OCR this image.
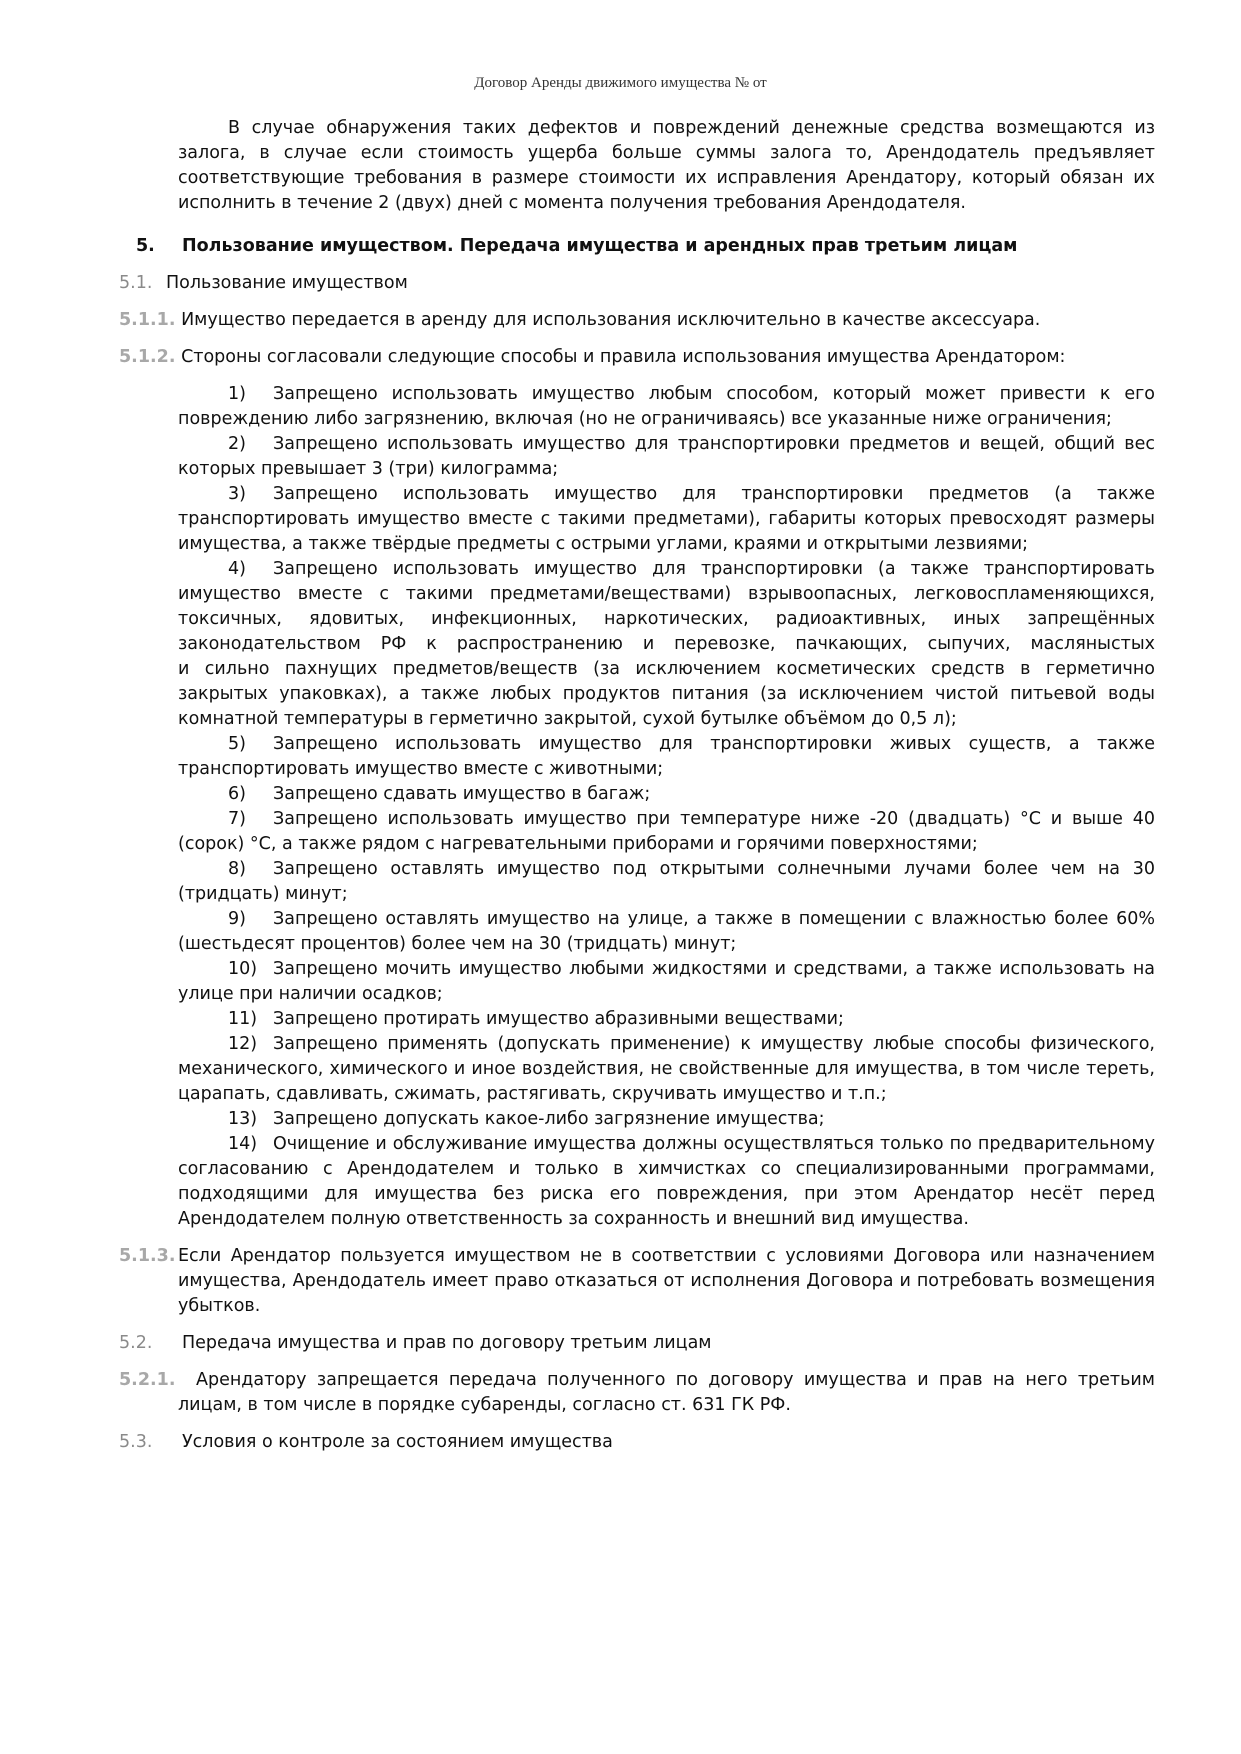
Договор Аренды движимого имущества № от
В случае обнаружения таких дефектов и повреждений денежные средства возмещаются из залога, в случае если стоимость ущерба больше суммы залога то, Арендодатель предъявляет соответствующие требования в размере стоимости их исправления Арендатору, который обязан их исполнить в течение 2 (двух) дней с момента получения требования Арендодателя.
5. Пользование имуществом. Передача имущества и арендных прав третьим лицам
5.1. Пользование имуществом
5.1.1. Имущество передается в аренду для использования исключительно в качестве аксессуара.
5.1.2. Стороны согласовали следующие способы и правила использования имущества Арендатором:
1) Запрещено использовать имущество любым способом, который может привести к его повреждению либо загрязнению, включая (но не ограничиваясь) все указанные ниже ограничения;
2) Запрещено использовать имущество для транспортировки предметов и вещей, общий вес которых превышает 3 (три) килограмма;
3) Запрещено использовать имущество для транспортировки предметов (а также транспортировать имущество вместе с такими предметами), габариты которых превосходят размеры имущества, а также твёрдые предметы с острыми углами, краями и открытыми лезвиями;
4) Запрещено использовать имущество для транспортировки (а также транспортировать имущество вместе с такими предметами/веществами) взрывоопасных, легковоспламеняющихся, токсичных, ядовитых, инфекционных, наркотических, радиоактивных, иных запрещённых законодательством РФ к распространению и перевозке, пачкающих, сыпучих, масляныстых
и сильно пахнущих предметов/веществ (за исключением косметических средств в герметично закрытых упаковках), а также любых продуктов питания (за исключением чистой питьевой воды комнатной температуры в герметично закрытой, сухой бутылке объёмом до 0,5 л);
5) Запрещено использовать имущество для транспортировки живых существ, а также транспортировать имущество вместе с животными;
6) Запрещено сдавать имущество в багаж;
7) Запрещено использовать имущество при температуре ниже -20 (двадцать) °С и выше 40 (сорок) °С, а также рядом с нагревательными приборами и горячими поверхностями;
8) Запрещено оставлять имущество под открытыми солнечными лучами более чем на 30 (тридцать) минут;
9) Запрещено оставлять имущество на улице, а также в помещении с влажностью более 60% (шестьдесят процентов) более чем на 30 (тридцать) минут;
10) Запрещено мочить имущество любыми жидкостями и средствами, а также использовать на улице при наличии осадков;
11) Запрещено протирать имущество абразивными веществами;
12) Запрещено применять (допускать применение) к имуществу любые способы физического, механического, химического и иное воздействия, не свойственные для имущества, в том числе тереть, царапать, сдавливать, сжимать, растягивать, скручивать имущество и т.п.;
13) Запрещено допускать какое-либо загрязнение имущества;
14) Очищение и обслуживание имущества должны осуществляться только по предварительному согласованию с Арендодателем и только в химчистках со специализированными программами, подходящими для имущества без риска его повреждения, при этом Арендатор несёт перед Арендодателем полную ответственность за сохранность и внешний вид имущества.
5.1.3. Если Арендатор пользуется имуществом не в соответствии с условиями Договора или назначением имущества, Арендодатель имеет право отказаться от исполнения Договора и потребовать возмещения убытков.
5.2. Передача имущества и прав по договору третьим лицам
5.2.1. Арендатору запрещается передача полученного по договору имущества и прав на него третьим лицам, в том числе в порядке субаренды, согласно ст. 631 ГК РФ.
5.3. Условия о контроле за состоянием имущества
